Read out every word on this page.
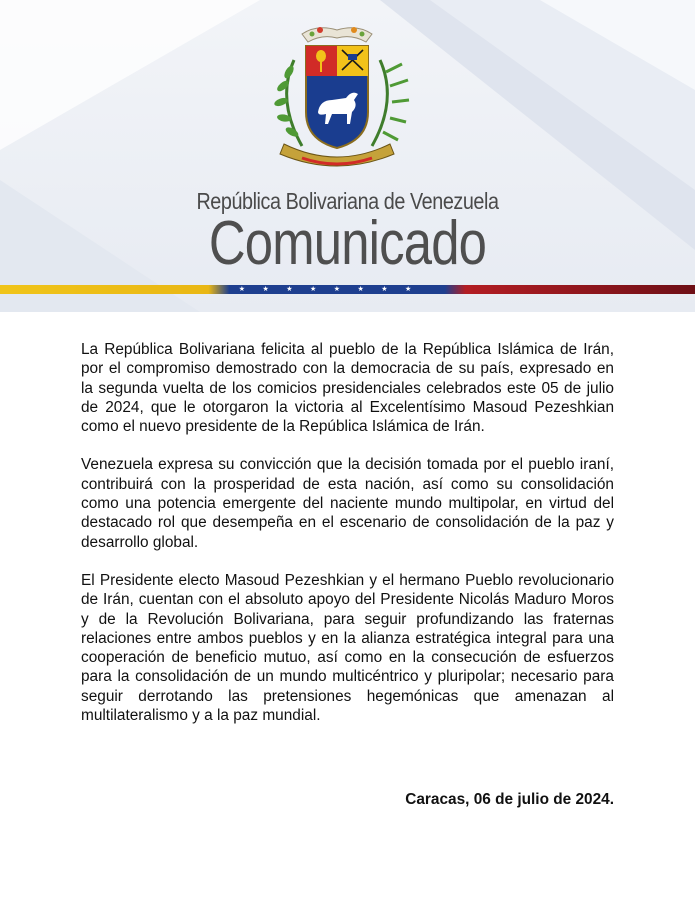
República Bolivariana de Venezuela
Comunicado
★ ★ ★ ★ ★ ★ ★ ★

La República Bolivariana felicita al pueblo de la República Islámica de Irán, por el compromiso demostrado con la democracia de su país, expresado en la segunda vuelta de los comicios presidenciales celebrados este 05 de julio de 2024, que le otorgaron la victoria al Excelentísimo Masoud Pezeshkian como el nuevo presidente de la República Islámica de Irán.

Venezuela expresa su convicción que la decisión tomada por el pueblo iraní, contribuirá con la prosperidad de esta nación, así como su consolidación como una potencia emergente del naciente mundo multipolar, en virtud del destacado rol que desempeña en el escenario de consolidación de la paz y desarrollo global.

El Presidente electo Masoud Pezeshkian y el hermano Pueblo revolucionario de Irán, cuentan con el absoluto apoyo del Presidente Nicolás Maduro Moros y de la Revolución Bolivariana, para seguir profundizando las fraternas relaciones entre ambos pueblos y en la alianza estratégica integral para una cooperación de beneficio mutuo, así como en la consecución de esfuerzos para la consolidación de un mundo multicéntrico y pluripolar; necesario para seguir derrotando las pretensiones hegemónicas que amenazan al multilateralismo y a la paz mundial.

Caracas, 06 de julio de 2024.
